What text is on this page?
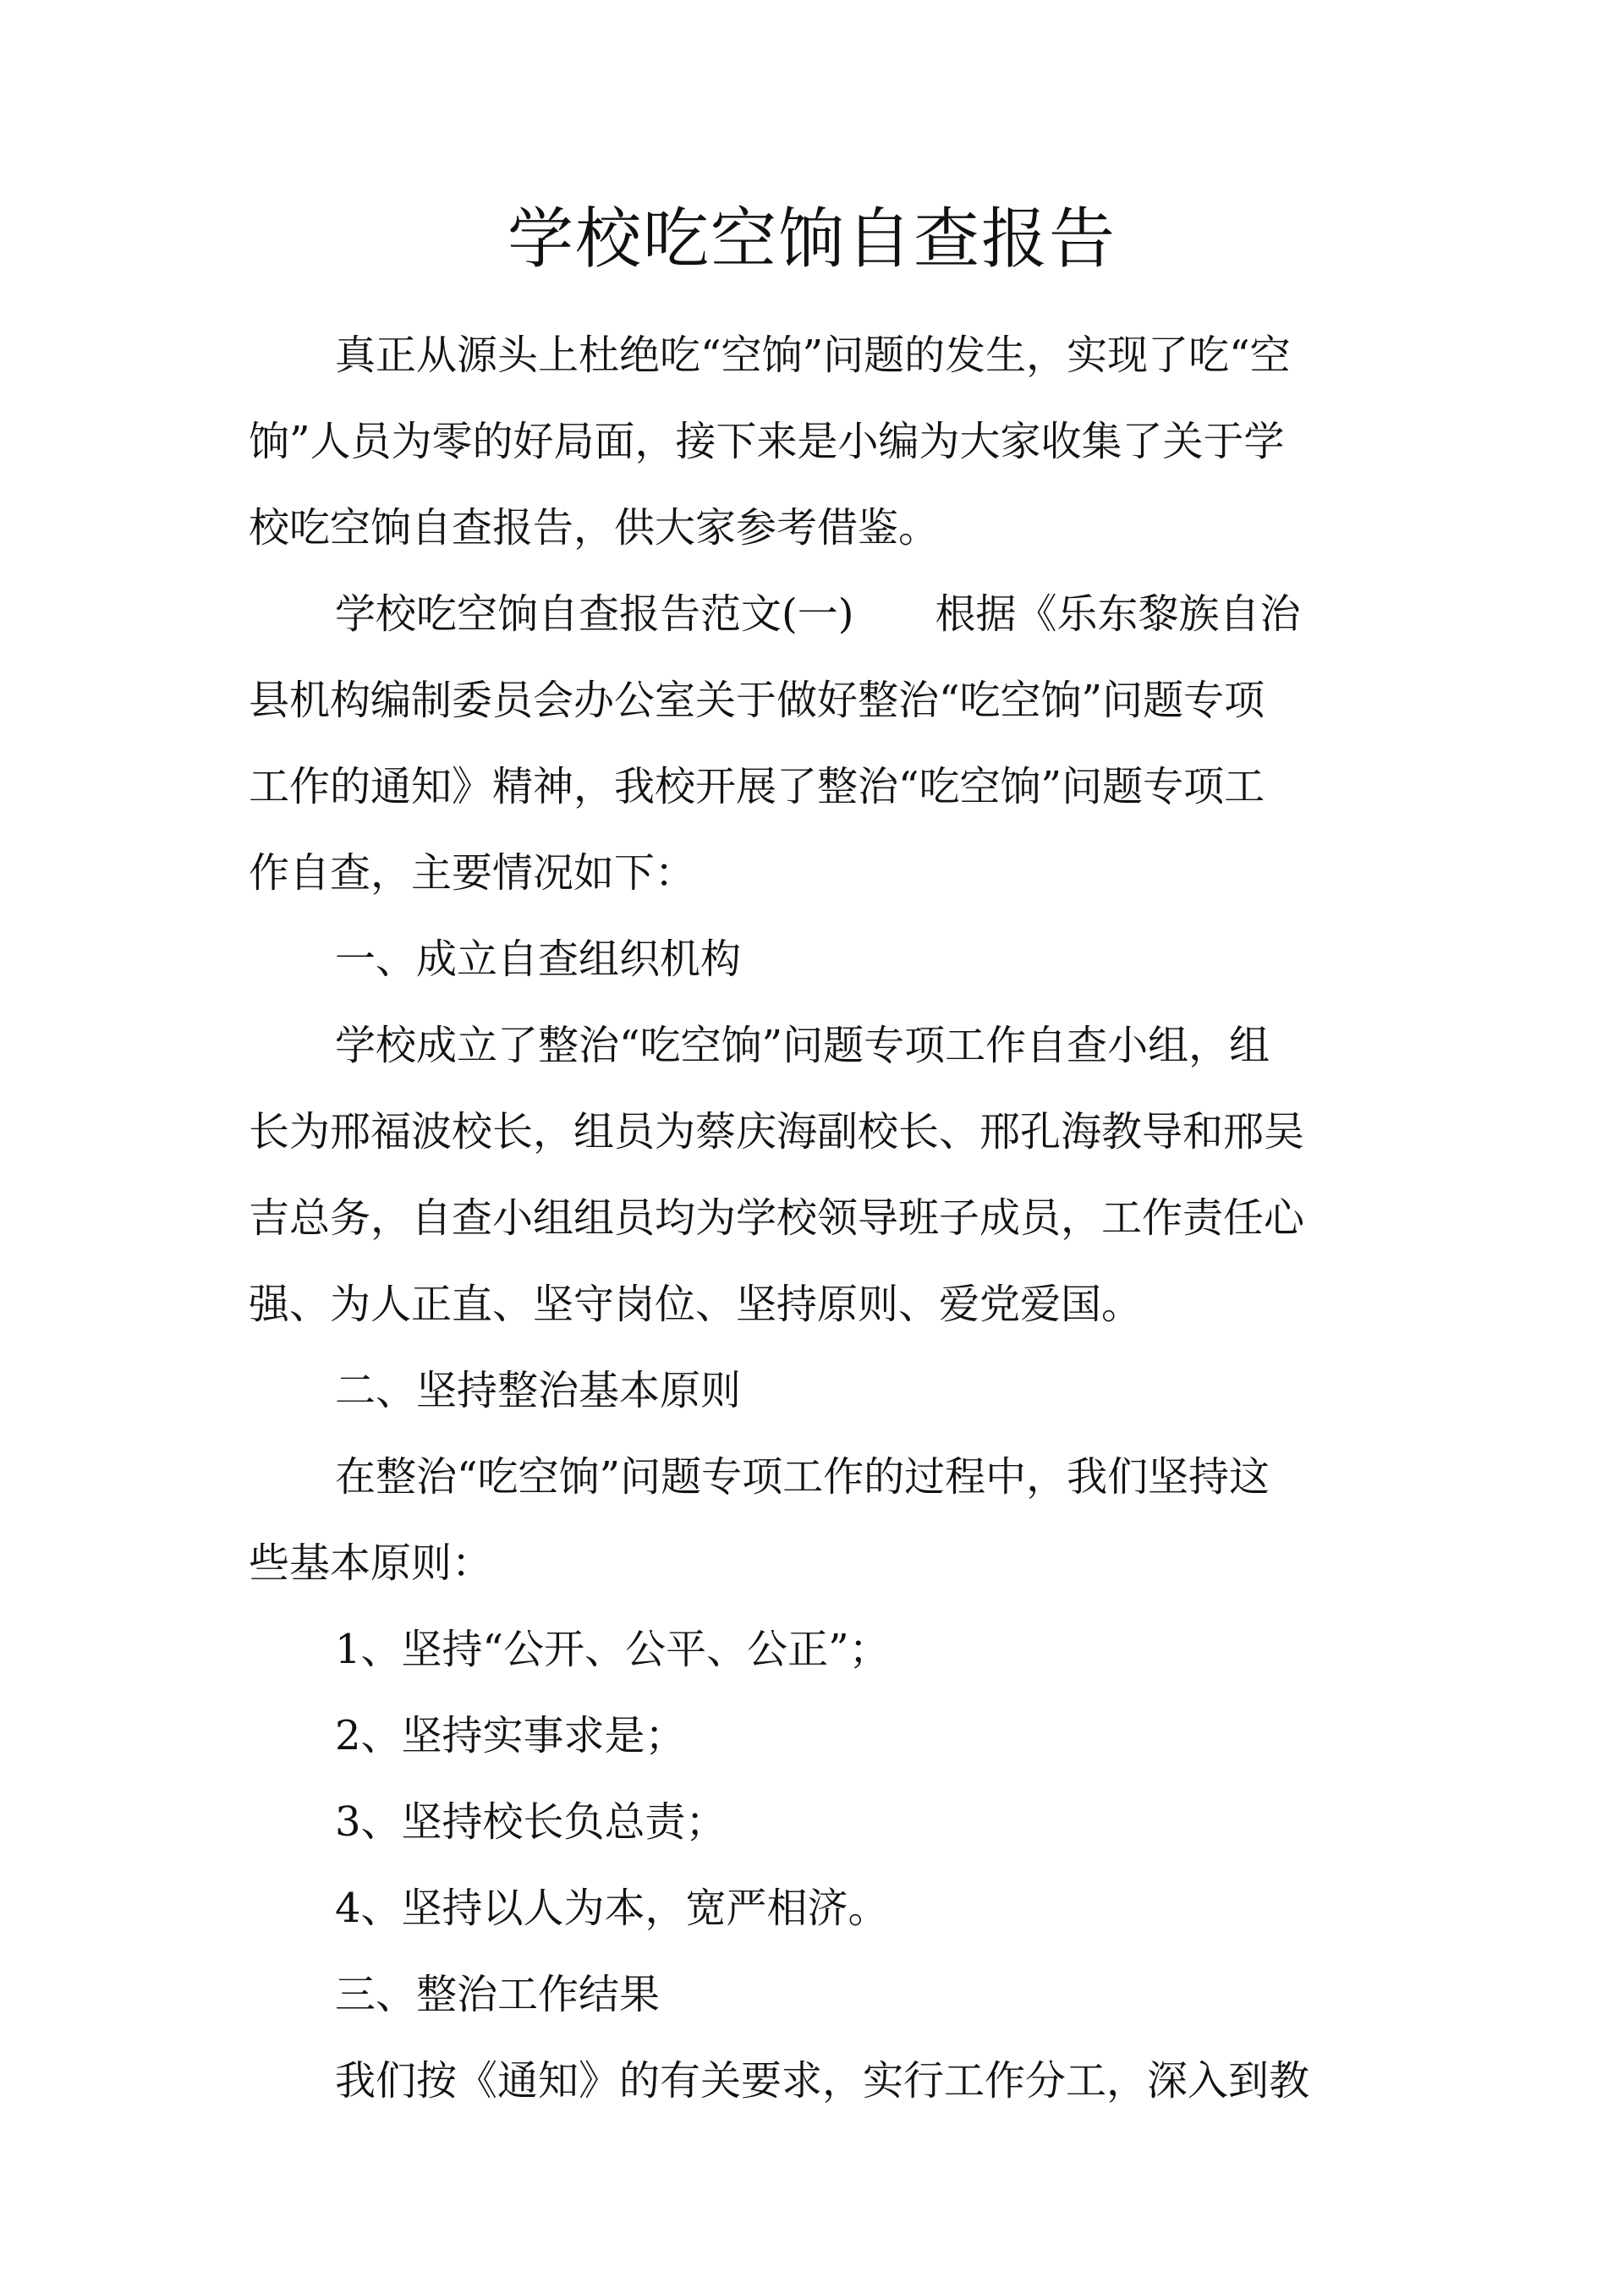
学校吃空饷自查报告

真正从源头上杜绝吃“空饷”问题的发生，实现了吃“空

饷”人员为零的好局面，接下来是小编为大家收集了关于学

校吃空饷自查报告，供大家参考借鉴。

学校吃空饷自查报告范文(一)　　根据《乐东黎族自治

县机构编制委员会办公室关于做好整治“吃空饷”问题专项

工作的通知》精神，我校开展了整治“吃空饷”问题专项工

作自查，主要情况如下：

一、成立自查组织机构

学校成立了整治“吃空饷”问题专项工作自查小组，组

长为邢福波校长，组员为蔡庆海副校长、邢孔海教导和邢吴

吉总务，自查小组组员均为学校领导班子成员，工作责任心

强、为人正直、坚守岗位、坚持原则、爱党爱国。

二、坚持整治基本原则

在整治“吃空饷”问题专项工作的过程中，我们坚持这

些基本原则：

1、坚持“公开、公平、公正”；

2、坚持实事求是；

3、坚持校长负总责；

4、坚持以人为本，宽严相济。

三、整治工作结果

我们按《通知》的有关要求，实行工作分工，深入到教
